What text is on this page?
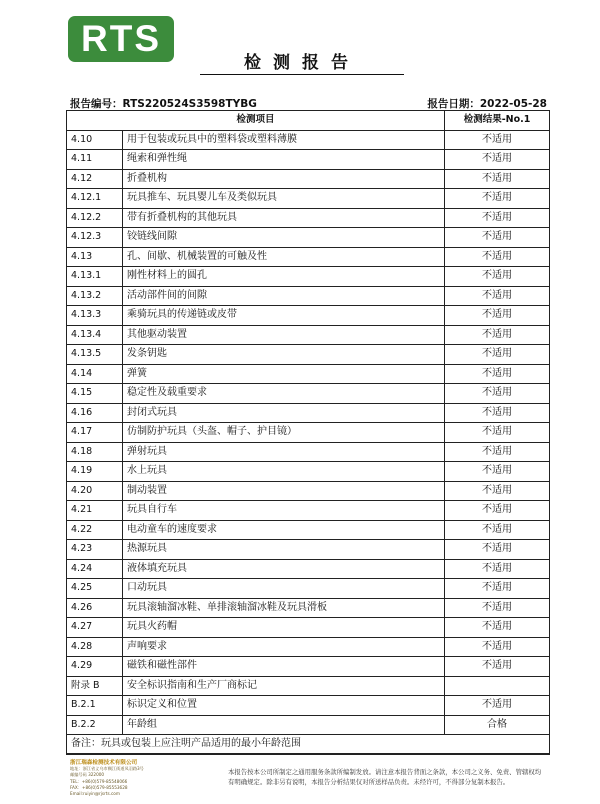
RTS
检测报告
报告编号：RTS220524S3598TYBG	报告日期：2022-05-28
检测项目		检测结果-No.1
4.10	用于包装或玩具中的塑料袋或塑料薄膜	不适用
4.11	绳索和弹性绳	不适用
4.12	折叠机构	不适用
4.12.1	玩具推车、玩具婴儿车及类似玩具	不适用
4.12.2	带有折叠机构的其他玩具	不适用
4.12.3	铰链线间隙	不适用
4.13	孔、间歇、机械装置的可触及性	不适用
4.13.1	刚性材料上的圆孔	不适用
4.13.2	活动部件间的间隙	不适用
4.13.3	乘骑玩具的传递链或皮带	不适用
4.13.4	其他驱动装置	不适用
4.13.5	发条钥匙	不适用
4.14	弹簧	不适用
4.15	稳定性及载重要求	不适用
4.16	封闭式玩具	不适用
4.17	仿制防护玩具（头盔、帽子、护目镜）	不适用
4.18	弹射玩具	不适用
4.19	水上玩具	不适用
4.20	制动装置	不适用
4.21	玩具自行车	不适用
4.22	电动童车的速度要求	不适用
4.23	热源玩具	不适用
4.24	液体填充玩具	不适用
4.25	口动玩具	不适用
4.26	玩具滚轴溜冰鞋、单排滚轴溜冰鞋及玩具滑板	不适用
4.27	玩具火药帽	不适用
4.28	声响要求	不适用
4.29	磁铁和磁性部件	不适用
附录 B	安全标识指南和生产厂商标记	
B.2.1	标识定义和位置	不适用
B.2.2	年龄组	合格
备注：玩具或包装上应注明产品适用的最小年龄范围		
浙江瑞森检测技术有限公司
地址：浙江省义乌市稠江街道凤羽路3号
邮编号码 322000
TEL：+86(0)579-85548066
FAX：+86(0)579-85553628
Email:ruiyin@rjsrts.com
本报告按本公司所制定之通用服务条款所编制发放。请注意本报告背面之条款，本公司之义务、免责、管辖权均有明确规定。除非另有说明，本报告分析结果仅对所送样品负责。未经许可，不得部分复制本报告。
